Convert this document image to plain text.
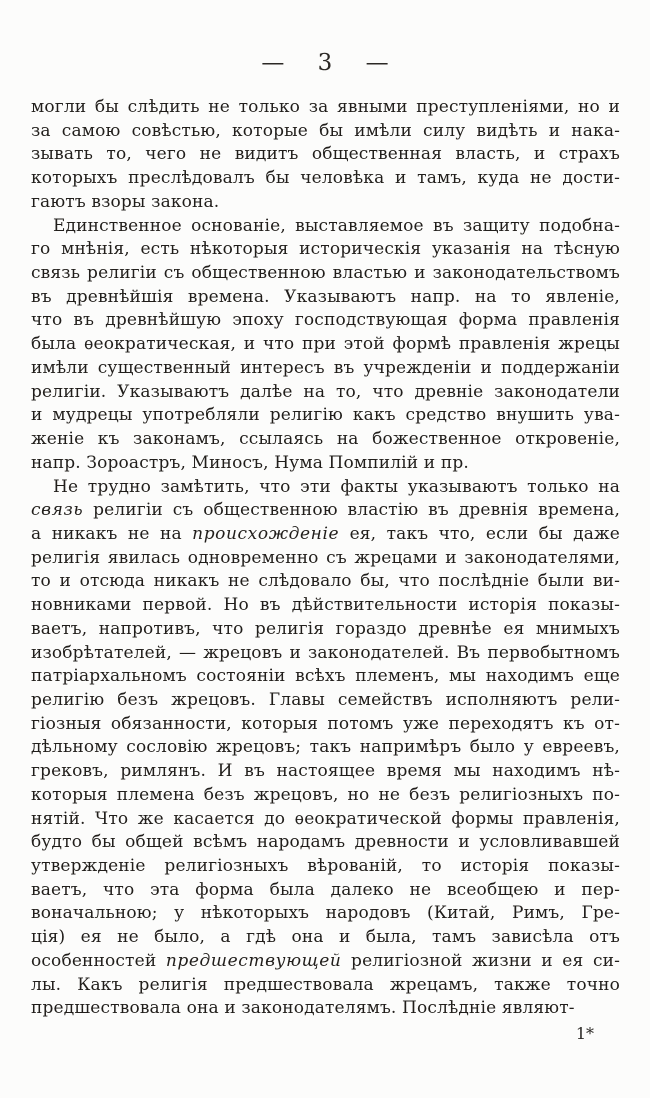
— 3 —
могли бы слѣдить не только за явными преступленіями, но и
за самою совѣстью, которые бы имѣли силу видѣть и нака-
зывать то, чего не видитъ общественная власть, и страхъ
которыхъ преслѣдовалъ бы человѣка и тамъ, куда не дости-
гаютъ взоры закона.
Единственное основаніе, выставляемое въ защиту подобна-
го мнѣнія, есть нѣкоторыя историческія указанія на тѣсную
связь религіи съ общественною властью и законодательствомъ
въ древнѣйшія времена. Указываютъ напр. на то явленіе,
что въ древнѣйшую эпоху господствующая форма правленія
была ѳеократическая, и что при этой формѣ правленія жрецы
имѣли существенный интересъ въ учрежденіи и поддержаніи
религіи. Указываютъ далѣе на то, что древніе законодатели
и мудрецы употребляли религію какъ средство внушить ува-
женіе къ законамъ, ссылаясь на божественное откровеніе,
напр. Зороастръ, Миносъ, Нума Помпилій и пр.
Не трудно замѣтить, что эти факты указываютъ только на
связь религіи съ общественною властію въ древнія времена,
а никакъ не на происхожденіе ея, такъ что, если бы даже
религія явилась одновременно съ жрецами и законодателями,
то и отсюда никакъ не слѣдовало бы, что послѣдніе были ви-
новниками первой. Но въ дѣйствительности исторія показы-
ваетъ, напротивъ, что религія гораздо древнѣе ея мнимыхъ
изобрѣтателей, — жрецовъ и законодателей. Въ первобытномъ
патріархальномъ состояніи всѣхъ племенъ, мы находимъ еще
религію безъ жрецовъ. Главы семействъ исполняютъ рели-
гіозныя обязанности, которыя потомъ уже переходятъ къ от-
дѣльному сословію жрецовъ; такъ напримѣръ было у евреевъ,
грековъ, римлянъ. И въ настоящее время мы находимъ нѣ-
которыя племена безъ жрецовъ, но не безъ религіозныхъ по-
нятій. Что же касается до ѳеократической формы правленія,
будто бы общей всѣмъ народамъ древности и условливавшей
утвержденіе религіозныхъ вѣрованій, то исторія показы-
ваетъ, что эта форма была далеко не всеобщею и пер-
воначальною; у нѣкоторыхъ народовъ (Китай, Римъ, Гре-
ція) ея не было, а гдѣ она и была, тамъ зависѣла отъ
особенностей предшествующей религіозной жизни и ея си-
лы. Какъ религія предшествовала жрецамъ, также точно
предшествовала она и законодателямъ. Послѣдніе являют-
1*
